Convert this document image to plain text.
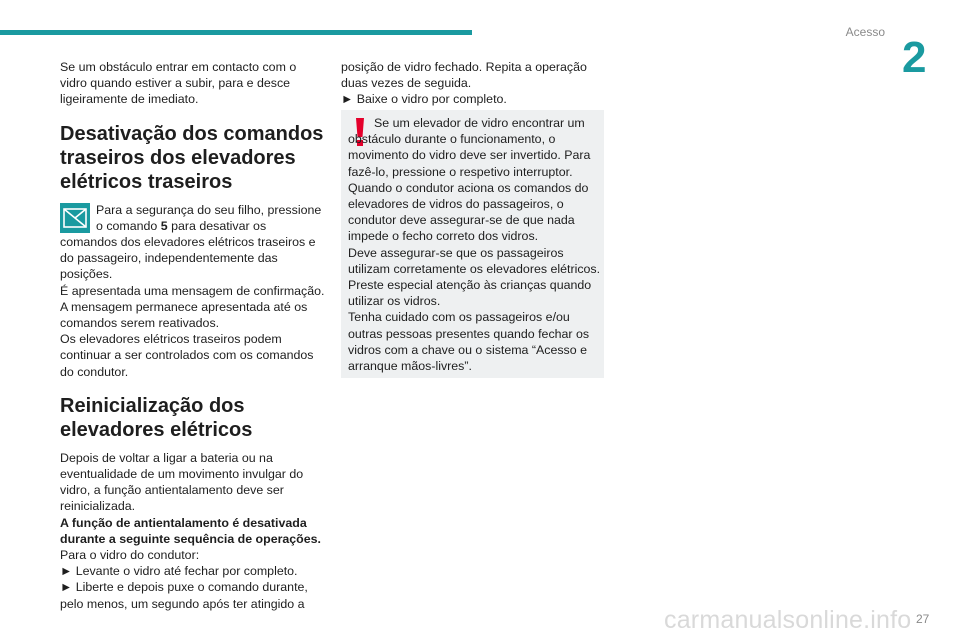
Acesso
2

Se um obstáculo entrar em contacto com o vidro quando estiver a subir, para e desce ligeiramente de imediato.

Desativação dos comandos traseiros dos elevadores elétricos traseiros

Para a segurança do seu filho, pressione o comando 5 para desativar os comandos dos elevadores elétricos traseiros e do passageiro, independentemente das posições.

É apresentada uma mensagem de confirmação.

A mensagem permanece apresentada até os comandos serem reativados.

Os elevadores elétricos traseiros podem continuar a ser controlados com os comandos do condutor.

Reinicialização dos elevadores elétricos

Depois de voltar a ligar a bateria ou na eventualidade de um movimento invulgar do vidro, a função antientalamento deve ser reinicializada.

A função de antientalamento é desativada durante a seguinte sequência de operações.

Para o vidro do condutor:

► Levante o vidro até fechar por completo.

► Liberte e depois puxe o comando durante, pelo menos, um segundo após ter atingido a

posição de vidro fechado. Repita a operação duas vezes de seguida.

► Baixe o vidro por completo.

Se um elevador de vidro encontrar um obstáculo durante o funcionamento, o movimento do vidro deve ser invertido. Para fazê-lo, pressione o respetivo interruptor.

Quando o condutor aciona os comandos do elevadores de vidros do passageiros, o condutor deve assegurar-se de que nada impede o fecho correto dos vidros.

Deve assegurar-se que os passageiros utilizam corretamente os elevadores elétricos.

Preste especial atenção às crianças quando utilizar os vidros.

Tenha cuidado com os passageiros e/ou outras pessoas presentes quando fechar os vidros com a chave ou o sistema “Acesso e arranque mãos-livres”.

carmanualsonline.info 27
